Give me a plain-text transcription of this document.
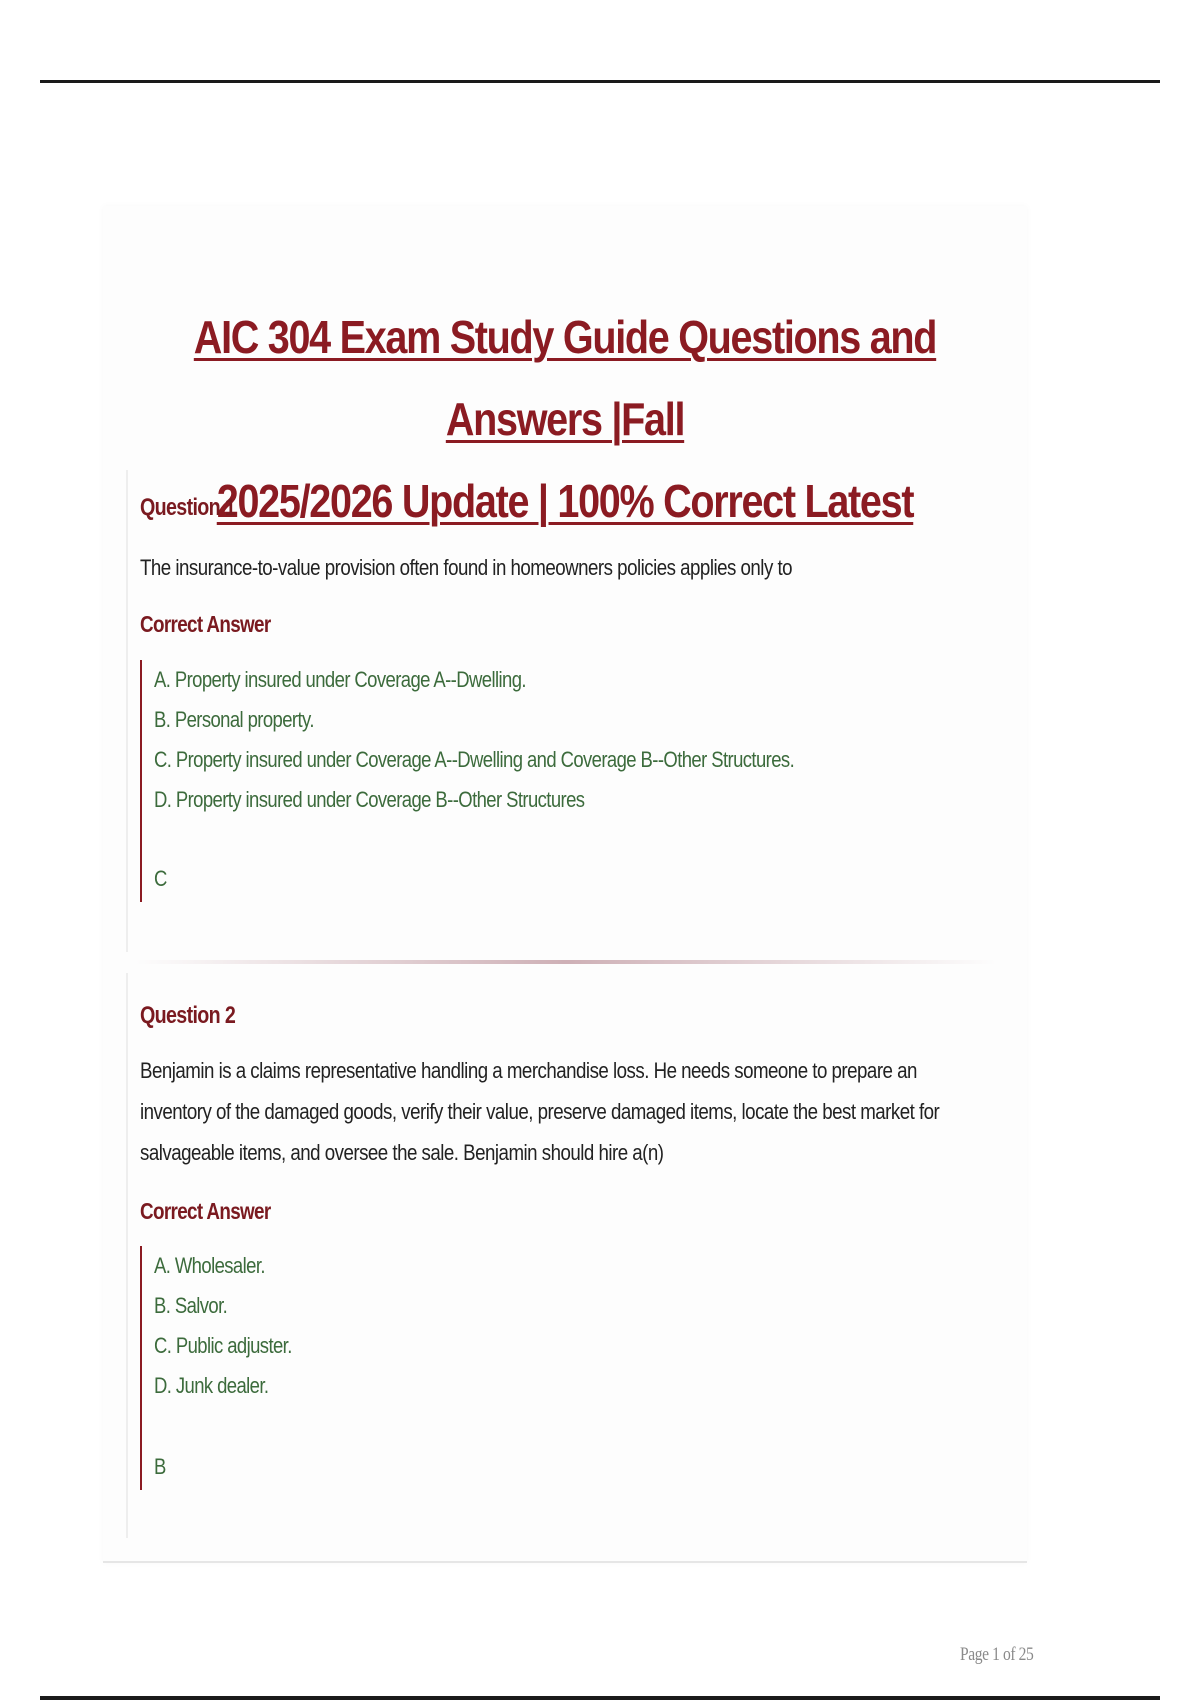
AIC 304 Exam Study Guide Questions and Answers |Fall
2025/2026 Update | 100% Correct Latest
Question 1

The insurance-to-value provision often found in homeowners policies applies only to

Correct Answer
A. Property insured under Coverage A--Dwelling.
B. Personal property.
C. Property insured under Coverage A--Dwelling and Coverage B--Other Structures.
D. Property insured under Coverage B--Other Structures
C
Question 2

Benjamin is a claims representative handling a merchandise loss. He needs someone to prepare an inventory of the damaged goods, verify their value, preserve damaged items, locate the best market for salvageable items, and oversee the sale. Benjamin should hire a(n)

Correct Answer
A. Wholesaler.
B. Salvor.
C. Public adjuster.
D. Junk dealer.
B
Page 1 of 25
